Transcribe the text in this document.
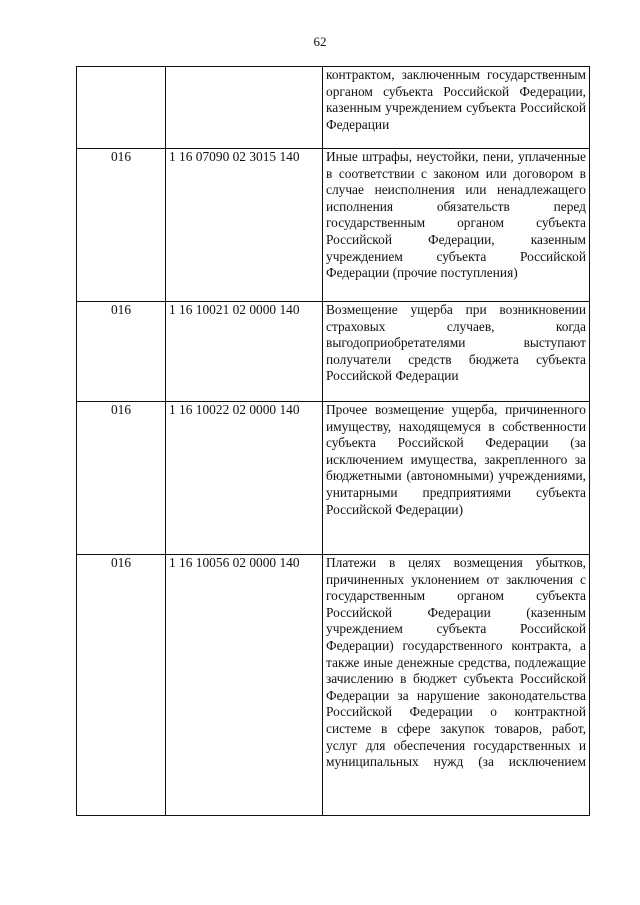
62
		контрактом, заключенным государственным органом субъекта Российской Федерации, казенным учреждением субъекта Российской Федерации
016	1 16 07090 02 3015 140	Иные штрафы, неустойки, пени, уплаченные в соответствии с законом или договором в случае неисполнения или ненадлежащего исполнения обязательств перед государственным органом субъекта Российской Федерации, казенным учреждением субъекта Российской Федерации (прочие поступления)
016	1 16 10021 02 0000 140	Возмещение ущерба при возникновении страховых случаев, когда выгодоприобретателями выступают получатели средств бюджета субъекта Российской Федерации
016	1 16 10022 02 0000 140	Прочее возмещение ущерба, причиненного имуществу, находящемуся в собственности субъекта Российской Федерации (за исключением имущества, закрепленного за бюджетными (автономными) учреждениями, унитарными предприятиями субъекта Российской Федерации)
016	1 16 10056 02 0000 140	Платежи в целях возмещения убытков, причиненных уклонением от заключения с государственным органом субъекта Российской Федерации (казенным учреждением субъекта Российской Федерации) государственного контракта, а также иные денежные средства, подлежащие зачислению в бюджет субъекта Российской Федерации за нарушение законодательства Российской Федерации о контрактной системе в сфере закупок товаров, работ, услуг для обеспечения государственных и муниципальных нужд (за исключением
